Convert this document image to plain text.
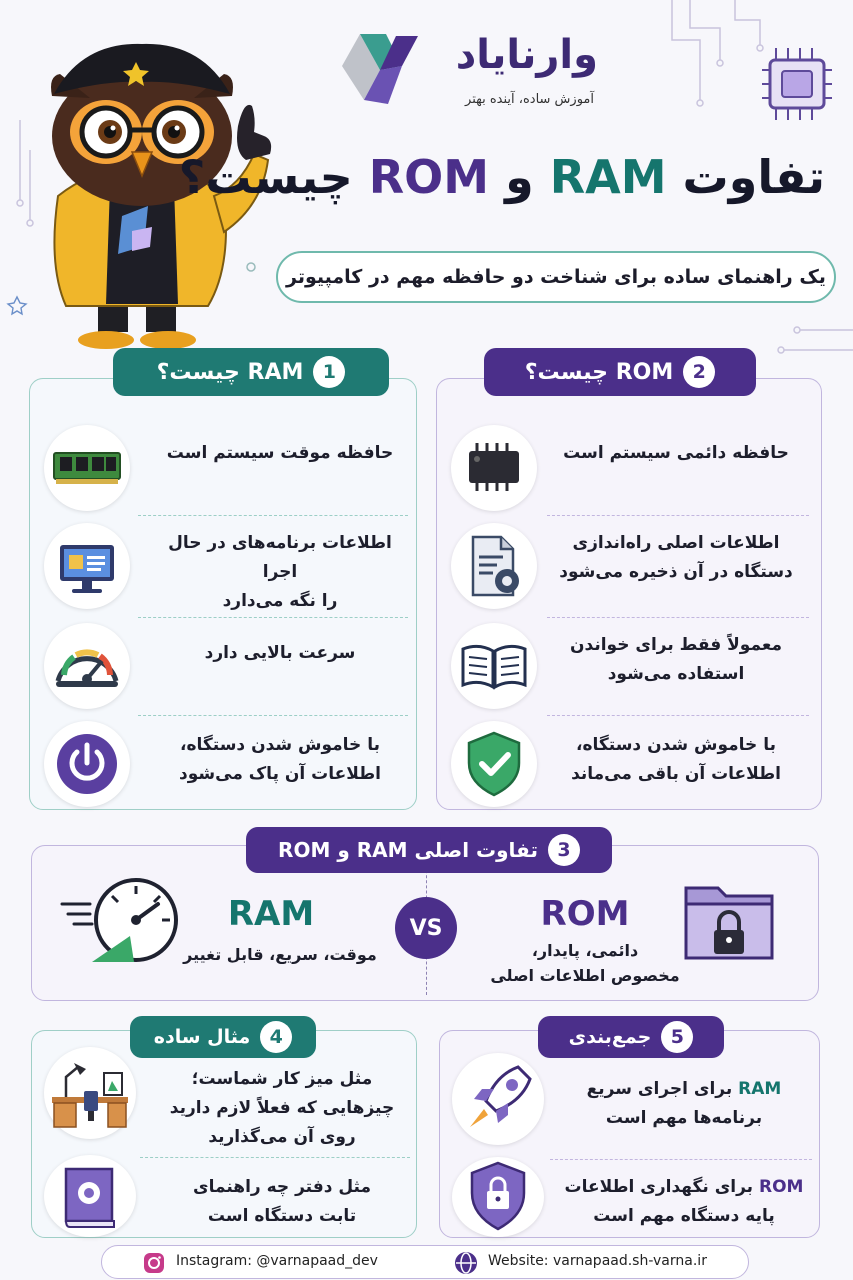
وارنایاد
آموزش ساده، آینده بهتر
تفاوت RAM و ROM چیست؟
یک راهنمای ساده برای شناخت دو حافظه مهم در کامپیوتر
حافظه موقت سیستم است
اطلاعات برنامه‌های در حال اجرا
را نگه می‌دارد
سرعت بالایی دارد
با خاموش شدن دستگاه،
اطلاعات آن پاک می‌شود
1
RAM چیست؟
حافظه دائمی سیستم است
اطلاعات اصلی راه‌اندازی
دستگاه در آن ذخیره می‌شود
معمولاً فقط برای خواندن
استفاده می‌شود
با خاموش شدن دستگاه،
اطلاعات آن باقی می‌ماند
2
ROM چیست؟
3
تفاوت اصلی RAM و ROM
RAM
موقت، سریع، قابل تغییر
VS	ROM
دائمی، پایدار،
مخصوص اطلاعات اصلی
مثل میز کار شماست؛
چیزهایی که فعلاً لازم دارید
روی آن می‌گذارید
مثل دفتر چه راهنمای
تابت دستگاه است
4
مثال ساده
RAM برای اجرای سریع
برنامه‌ها مهم است
ROM برای نگهداری اطلاعات
پایه دستگاه مهم است
5
جمع‌بندی
Instagram: @varnapaad_dev	Website: varnapaad.sh-varna.ir
